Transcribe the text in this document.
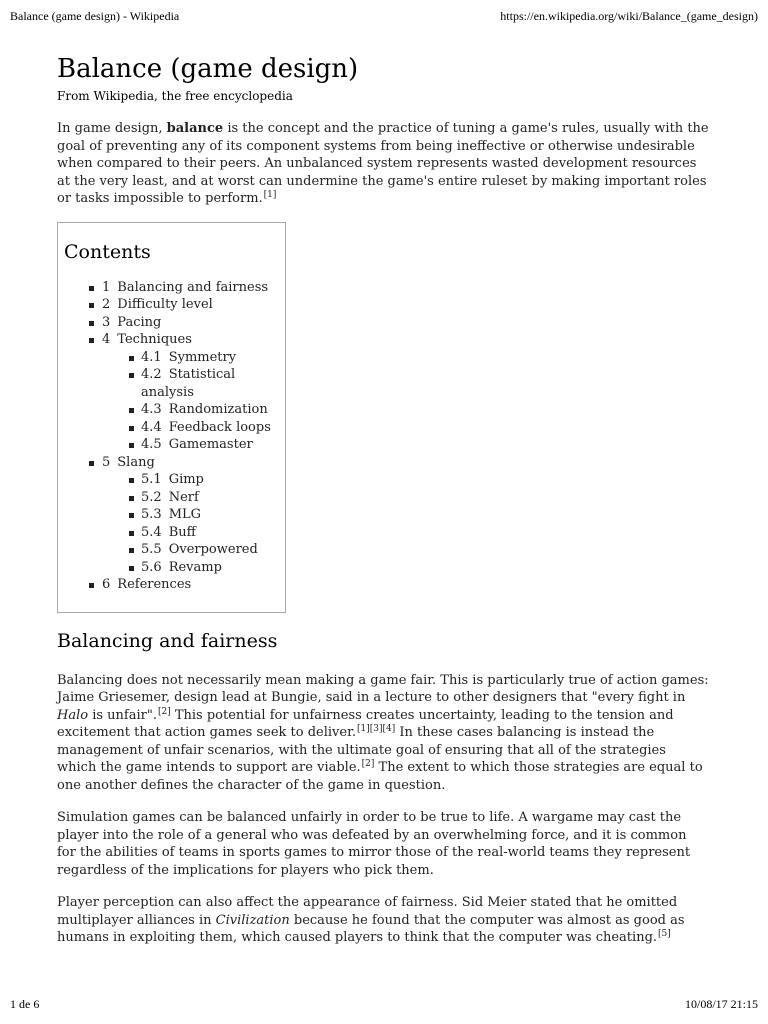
Balance (game design) - Wikipedia	https://en.wikipedia.org/wiki/Balance_(game_design)
Balance (game design)
From Wikipedia, the free encyclopedia

In game design, balance is the concept and the practice of tuning a game's rules, usually with the goal of preventing any of its component systems from being ineffective or otherwise undesirable when compared to their peers. An unbalanced system represents wasted development resources at the very least, and at worst can undermine the game's entire ruleset by making important roles or tasks impossible to perform.[1]

Contents
1 Balancing and fairness
2 Difficulty level
3 Pacing
4 Techniques
4.1 Symmetry
4.2 Statistical analysis
4.3 Randomization
4.4 Feedback loops
4.5 Gamemaster
5 Slang
5.1 Gimp
5.2 Nerf
5.3 MLG
5.4 Buff
5.5 Overpowered
5.6 Revamp
6 References
Balancing and fairness

Balancing does not necessarily mean making a game fair. This is particularly true of action games: Jaime Griesemer, design lead at Bungie, said in a lecture to other designers that "every fight in Halo is unfair".[2] This potential for unfairness creates uncertainty, leading to the tension and excitement that action games seek to deliver.[1][3][4] In these cases balancing is instead the management of unfair scenarios, with the ultimate goal of ensuring that all of the strategies which the game intends to support are viable.[2] The extent to which those strategies are equal to one another defines the character of the game in question.

Simulation games can be balanced unfairly in order to be true to life. A wargame may cast the player into the role of a general who was defeated by an overwhelming force, and it is common for the abilities of teams in sports games to mirror those of the real-world teams they represent regardless of the implications for players who pick them.

Player perception can also affect the appearance of fairness. Sid Meier stated that he omitted multiplayer alliances in Civilization because he found that the computer was almost as good as humans in exploiting them, which caused players to think that the computer was cheating.[5]

1 de 6	10/08/17 21:15
